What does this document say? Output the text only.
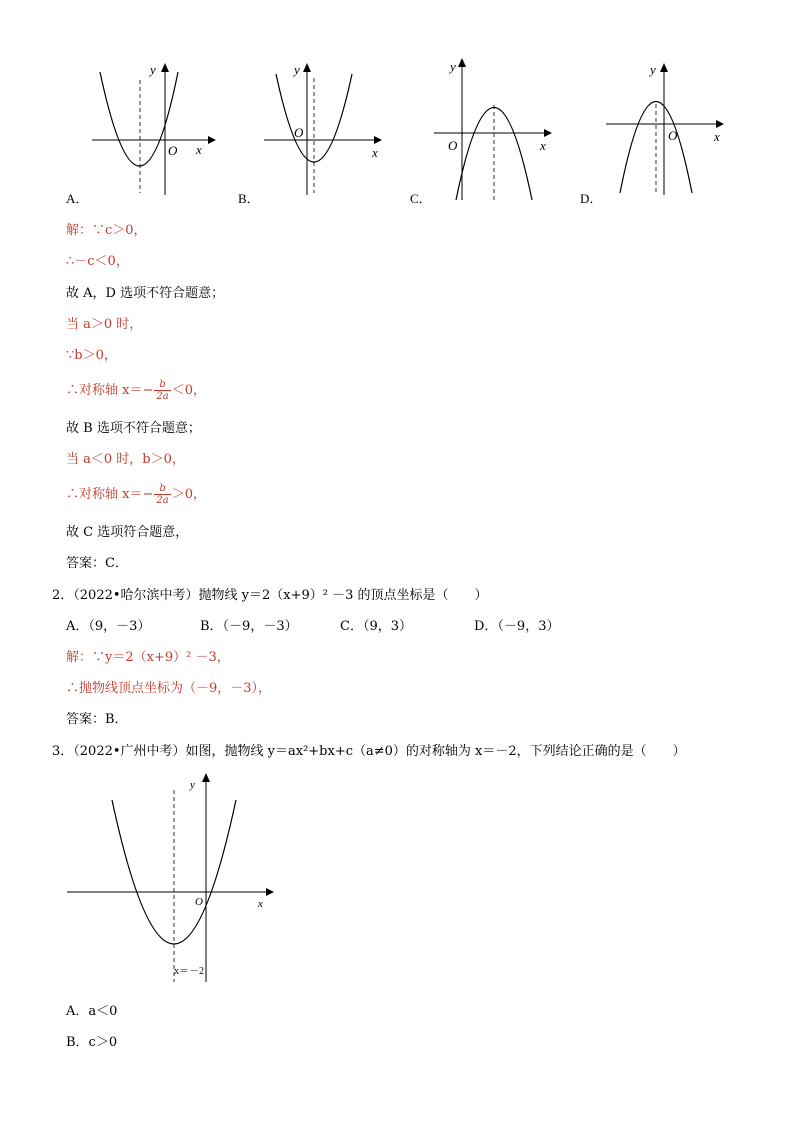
y
x
O
A．
y
x
O
B．
y
x
O
C．
y
x
O
D．
解：∵c＞0，
∴－c＜0，
故 A，D 选项不符合题意；
当 a＞0 时，
∵b＞0，
∴对称轴 $x=- \frac{b}{2a} <0$，
故 B 选项不符合题意；
当 a＜0 时，b＞0，
∴对称轴 $x=- \frac{b}{2a} >0$，
故 C 选项符合题意，
答案：C．
2．（2022•哈尔滨中考）抛物线 y＝2（x+9）² －3 的顶点坐标是（　　）
A．（9，－3）	B．（－9，－3）	C．（9，3）	D．（－9，3）
解：∵y＝2（x+9）² －3，
∴抛物线顶点坐标为（－9，－3），
答案：B．
3．（2022•广州中考）如图，抛物线 y＝ax²+bx+c（a≠0）的对称轴为 x＝－2，下列结论正确的是（　　）
y
x
O
x＝－2
A．a＜0
B．c＞0
